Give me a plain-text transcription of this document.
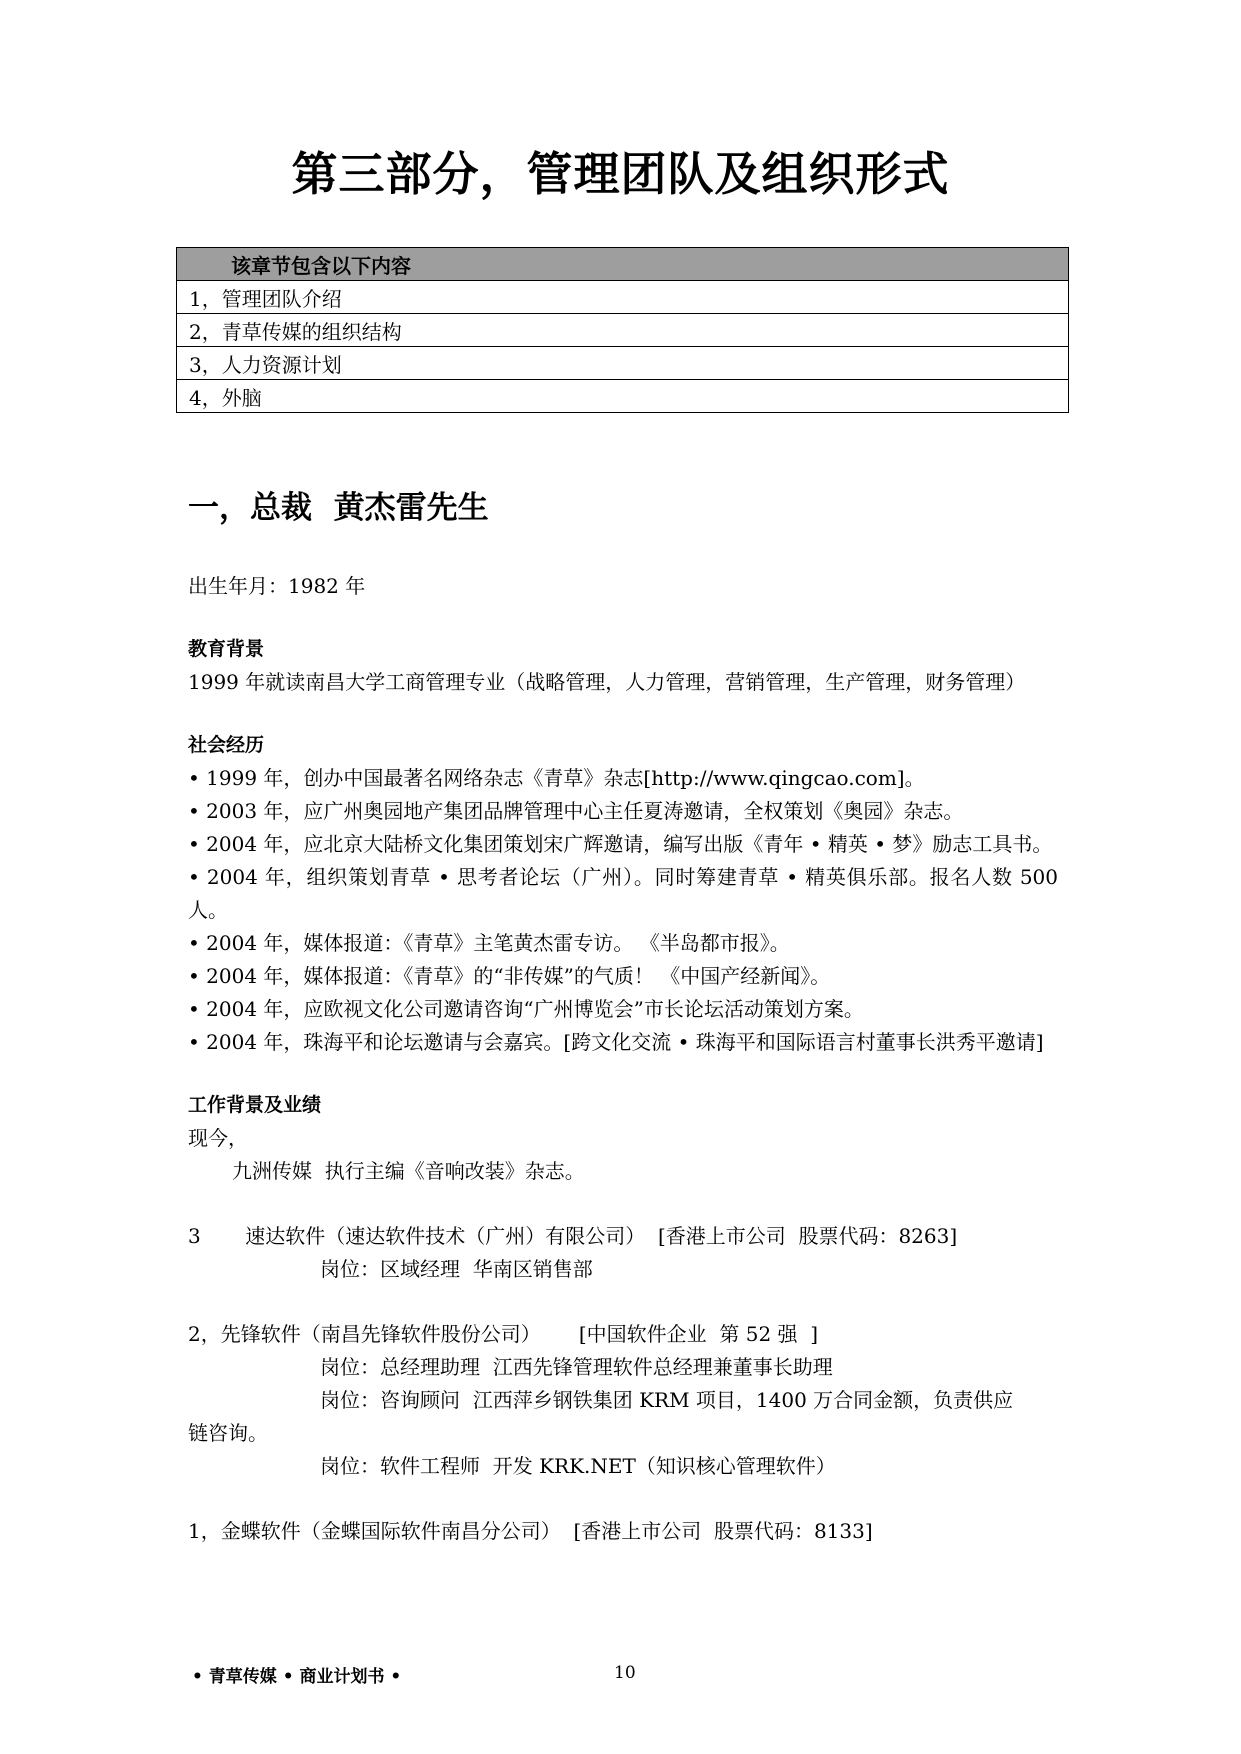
第三部分，管理团队及组织形式
该章节包含以下内容
1，管理团队介绍
2，青草传媒的组织结构
3，人力资源计划
4，外脑
一，总裁  黄杰雷先生

出生年月：1982 年

教育背景

1999 年就读南昌大学工商管理专业（战略管理，人力管理，营销管理，生产管理，财务管理）

社会经历

• 1999 年，创办中国最著名网络杂志《青草》杂志[http://www.qingcao.com]。

• 2003 年，应广州奥园地产集团品牌管理中心主任夏涛邀请，全权策划《奥园》杂志。

• 2004 年，应北京大陆桥文化集团策划宋广辉邀请，编写出版《青年 • 精英 • 梦》励志工具书。

• 2004 年，组织策划青草 • 思考者论坛（广州）。同时筹建青草 • 精英俱乐部。报名人数 500 人。

• 2004 年，媒体报道：《青草》主笔黄杰雷专访。 《半岛都市报》。

• 2004 年，媒体报道：《青草》的“非传媒”的气质！ 《中国产经新闻》。

• 2004 年，应欧视文化公司邀请咨询“广州博览会”市长论坛活动策划方案。

• 2004 年，珠海平和论坛邀请与会嘉宾。[跨文化交流 • 珠海平和国际语言村董事长洪秀平邀请]

工作背景及业绩

现今，

九洲传媒  执行主编《音响改装》杂志。

3       速达软件（速达软件技术（广州）有限公司）  [香港上市公司  股票代码：8263]

岗位：区域经理  华南区销售部

2，先锋软件（南昌先锋软件股份公司）      [中国软件企业  第 52 强  ]

岗位：总经理助理  江西先锋管理软件总经理兼董事长助理

岗位：咨询顾问  江西萍乡钢铁集团 KRM 项目，1400 万合同金额，负责供应

链咨询。

岗位：软件工程师  开发 KRK.NET（知识核心管理软件）

1，金蝶软件（金蝶国际软件南昌分公司）  [香港上市公司  股票代码：8133]

• 青草传媒 • 商业计划书 •	10
